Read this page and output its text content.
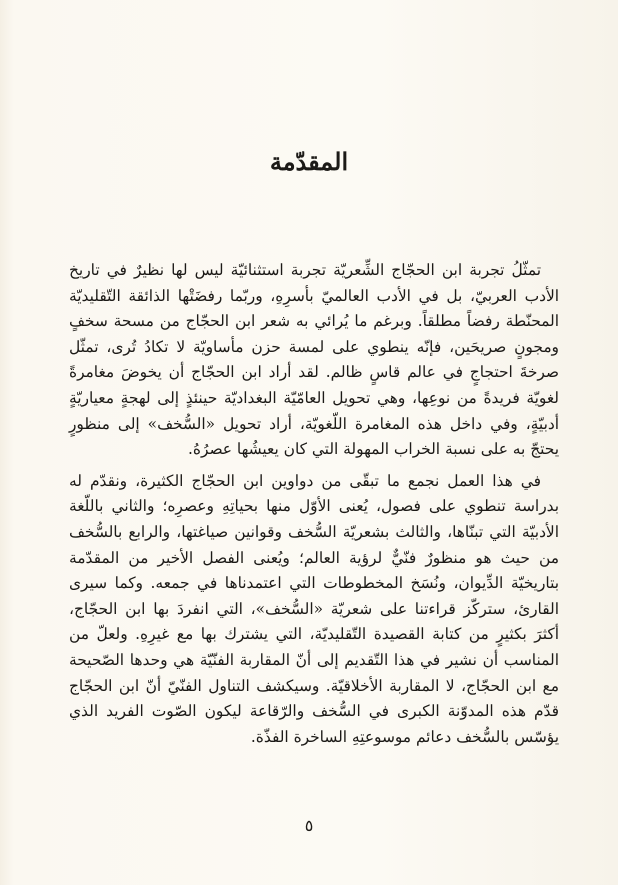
المقدّمة

تمثّلُ تجربة ابن الحجّاج الشِّعريّة تجربة استثنائيّة ليس لها نظيرٌ في تاريخ الأدب العربيّ، بل في الأدب العالميّ بأسرِهِ، وربّما رفضَتْها الذائقة التّقليديّة المحنّطة رفضاً مطلقاً. وبرغم ما يُرائي به شعر ابن الحجّاج من مسحة سخفٍ ومجونٍ صريحَين، فإنّه ينطوي على لمسة حزن مأساويّة لا تكادُ تُرى، تمثّل صرخةَ احتجاجٍ في عالم قاسٍ ظالم. لقد أراد ابن الحجّاج أن يخوضَ مغامرةً لغويّة فريدةً من نوعِها، وهي تحويل العامّيّة البغداديّة حينئذٍ إلى لهجةٍ معياريّةٍ أدبيّةٍ، وفي داخل هذه المغامرة اللّغويّة، أراد تحويل «السُّخف» إلى منظورٍ يحتجّ به على نسبة الخراب المهولة التي كان يعيشُها عصرُهُ.

في هذا العمل نجمع ما تبقّى من دواوين ابن الحجّاج الكثيرة، ونقدّم له بدراسة تنطوي على فصول، يُعنى الأوّل منها بحياتِهِ وعصرِه؛ والثاني باللّغة الأدبيّة التي تبنّاها، والثالث بشعريّة السُّخف وقوانين صياغتها، والرابع بالسُّخف من حيث هو منظورٌ فنّيٌّ لرؤية العالم؛ ويُعنى الفصل الأخير من المقدّمة بتاريخيّة الدِّيوان، ونُسَخ المخطوطات التي اعتمدناها في جمعه. وكما سيرى القارئ، ستركّز قراءتنا على شعريّة «السُّخف»، التي انفردَ بها ابن الحجّاج، أكثرَ بكثيرٍ من كتابة القصيدة التّقليديّة، التي يشترك بها مع غيرِهِ. ولعلّ من المناسب أن نشير في هذا التّقديم إلى أنّ المقاربة الفنّيّة هي وحدها الصّحيحة مع ابن الحجّاج، لا المقاربة الأخلاقيّة. وسيكشف التناول الفنّيّ أنّ ابن الحجّاج قدّم هذه المدوّنة الكبرى في السُّخف والرّقاعة ليكون الصّوت الفريد الذي يؤسّس بالسُّخف دعائم موسوعتِهِ الساخرة الفذّة.

٥
